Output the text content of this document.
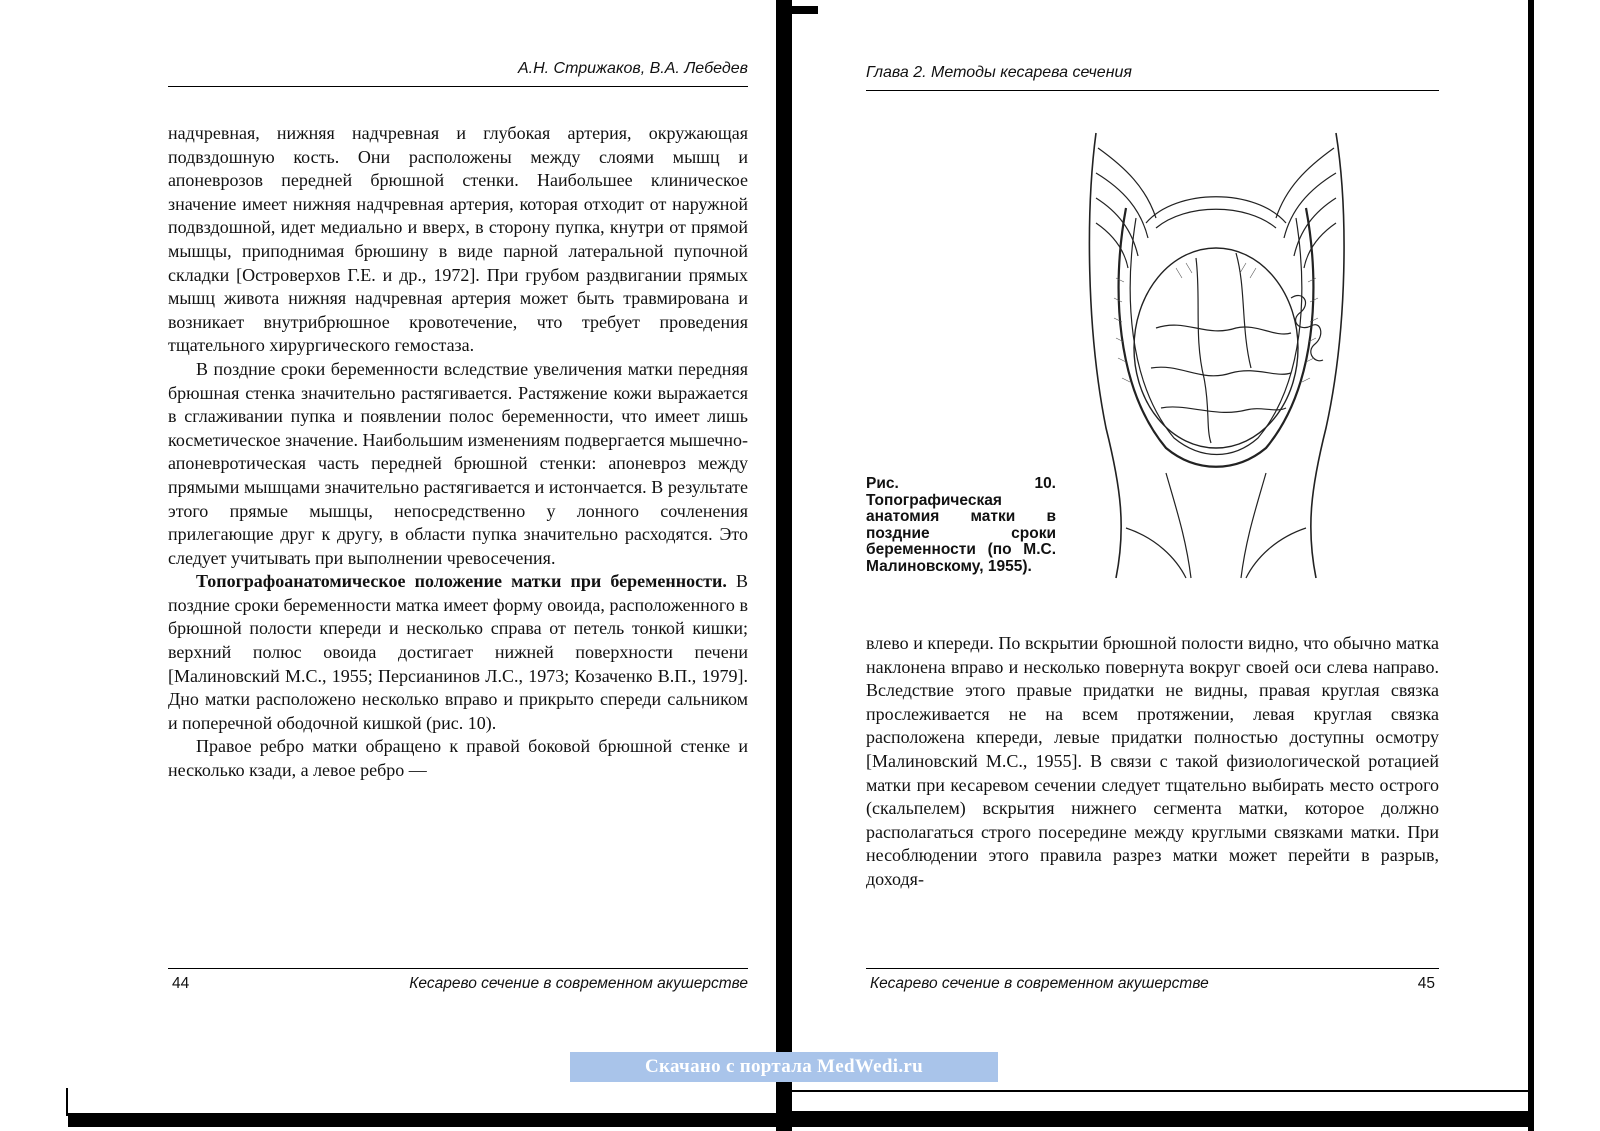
А.Н. Стрижаков, В.А. Лебедев

надчревная, нижняя надчревная и глубокая артерия, окружающая подвздошную кость. Они расположены между слоями мышц и апоневрозов передней брюшной стенки. Наибольшее клиническое значение имеет нижняя надчревная артерия, которая отходит от наружной подвздошной, идет медиально и вверх, в сторону пупка, кнутри от прямой мышцы, приподнимая брюшину в виде парной латеральной пупочной складки [Островерхов Г.Е. и др., 1972]. При грубом раздвигании прямых мышц живота нижняя надчревная артерия может быть травмирована и возникает внутрибрюшное кровотечение, что требует проведения тщательного хирургического гемостаза.

В поздние сроки беременности вследствие увеличения матки передняя брюшная стенка значительно растягивается. Растяжение кожи выражается в сглаживании пупка и появлении полос беременности, что имеет лишь косметическое значение. Наибольшим изменениям подвергается мышечно-апоневротическая часть передней брюшной стенки: апоневроз между прямыми мышцами значительно растягивается и истончается. В результате этого прямые мышцы, непосредственно у лонного сочленения прилегающие друг к другу, в области пупка значительно расходятся. Это следует учитывать при выполнении чревосечения.

Топографоанатомическое положение матки при беременности. В поздние сроки беременности матка имеет форму овоида, расположенного в брюшной полости кпереди и несколько справа от петель тонкой кишки; верхний полюс овоида достигает нижней поверхности печени [Малиновский М.С., 1955; Персианинов Л.С., 1973; Козаченко В.П., 1979]. Дно матки расположено несколько вправо и прикрыто спереди сальником и поперечной ободочной кишкой (рис. 10).

Правое ребро матки обращено к правой боковой брюшной стенке и несколько кзади, а левое ребро —

44	Кесарево сечение в современном акушерстве
Глава 2. Методы кесарева сечения
Рис. 10. Топографическая анатомия матки в поздние сроки беременности (по М.С. Малиновскому, 1955).

влево и кпереди. По вскрытии брюшной полости видно, что обычно матка наклонена вправо и несколько повернута вокруг своей оси слева направо. Вследствие этого правые придатки не видны, правая круглая связка прослеживается не на всем протяжении, левая круглая связка расположена кпереди, левые придатки полностью доступны осмотру [Малиновский М.С., 1955]. В связи с такой физиологической ротацией матки при кесаревом сечении следует тщательно выбирать место острого (скальпелем) вскрытия нижнего сегмента матки, которое должно располагаться строго посередине между круглыми связками матки. При несоблюдении этого правила разрез матки может перейти в разрыв, доходя-

Кесарево сечение в современном акушерстве	45
Скачано с портала MedWedi.ru
